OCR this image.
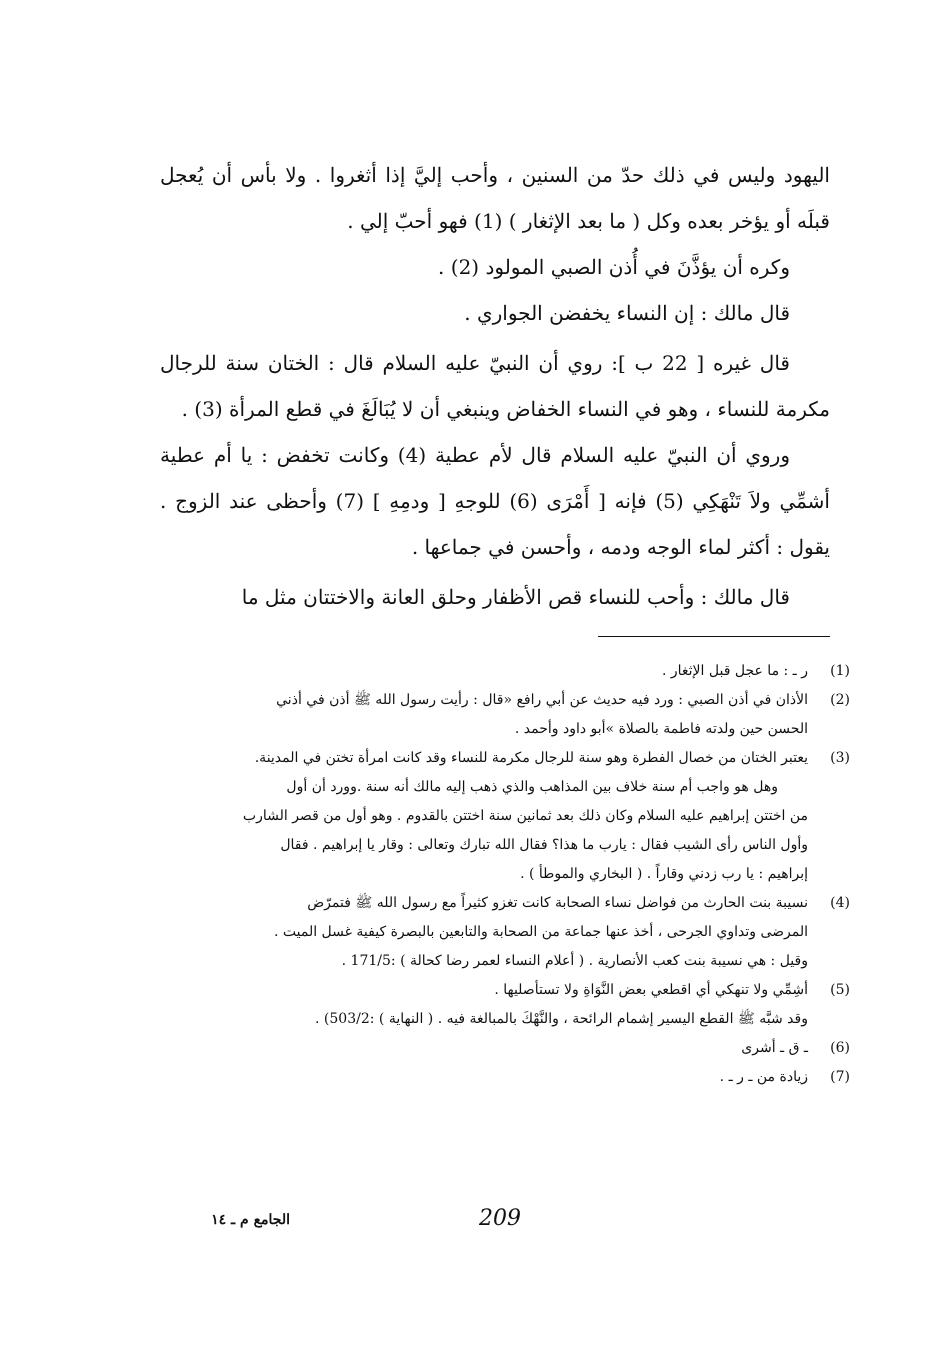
اليهود وليس في ذلك حدّ من السنين ، وأحب إليَّ إذا أثغروا . ولا بأس أن يُعجل قبلَه أو يؤخر بعده وكل ( ما بعد الإثغار ) (1) فهو أحبّ إلي .

وكره أن يؤذَّنَ في أُذن الصبي المولود (2) .

قال مالك : إن النساء يخفضن الجواري .

قال غيره [ 22 ب ]: روي أن النبيّ عليه السلام قال : الختان سنة للرجال مكرمة للنساء ، وهو في النساء الخفاض وينبغي أن لا يُبَالَغَ في قطع المرأة (3) .

وروي أن النبيّ عليه السلام قال لأم عطية (4) وكانت تخفض : يا أم عطية أشمِّي ولاَ تَنْهَكِي (5) فإنه [ أَمْرَى (6) للوجهِ [ ودمِهِ ] (7) وأحظى عند الزوج . يقول : أكثر لماء الوجه ودمه ، وأحسن في جماعها .

قال مالك : وأحب للنساء قص الأظفار وحلق العانة والاختتان مثل ما

(1)
ر ـ : ما عجل قبل الإثغار .
(2)
الأذان في أذن الصبي : ورد فيه حديث عن أبي رافع «قال : رأيت رسول الله ﷺ أذن في أذني
الحسن حين ولدته فاطمة بالصلاة »أبو داود وأحمد .
(3)
يعتبر الختان من خصال الفطرة وهو سنة للرجال مكرمة للنساء وقد كانت امرأة تختن في المدينة.
وهل هو واجب أم سنة خلاف بين المذاهب والذي ذهب إليه مالك أنه سنة .وورد أن أول
من اختتن إبراهيم عليه السلام وكان ذلك بعد ثمانين سنة اختتن بالقدوم . وهو أول من قصر الشارب
وأول الناس رأى الشيب فقال : يارب ما هذا؟ فقال الله تبارك وتعالى : وقار يا إبراهيم . فقال
إبراهيم : يا رب زدني وقاراً . ( البخاري والموطأ ) .
(4)
نسيبة بنت الحارث من فواضل نساء الصحابة كانت تغزو كثيراً مع رسول الله ﷺ فتمرّض
المرضى وتداوي الجرحى ، أخذ عنها جماعة من الصحابة والتابعين بالبصرة كيفية غسل الميت .
وقيل : هي نسيبة بنت كعب الأنصارية . ( أعلام النساء لعمر رضا كحالة ) :171/5 .
(5)
أشِمِّي ولا تنهكي أي اقطعي بعض النَّوَاةِ ولا تستأصليها .
وقد شبَّه ﷺ القطع اليسير إشمام الرائحة ، والنَّهْكَ بالمبالغة فيه . ( النهاية ) :503/2) .
(6)
ـ ق ـ أشرى
(7)
زيادة من ـ ر ـ .
الجامع م ـ ١٤	209
